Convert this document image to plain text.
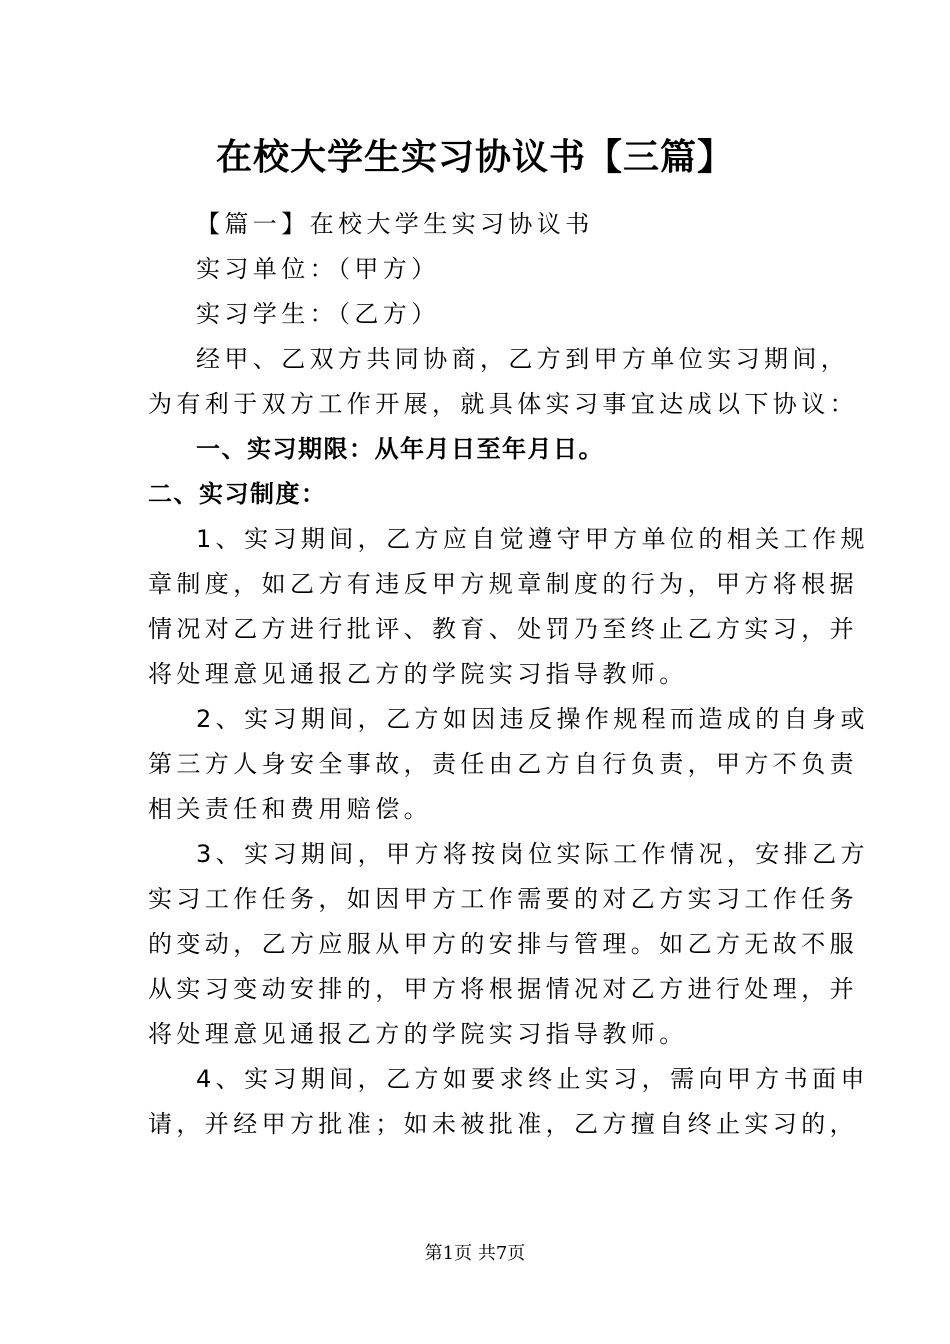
在校大学生实习协议书【三篇】
【篇一】在校大学生实习协议书
实习单位：（甲方）
实习学生：（乙方）
经甲、乙双方共同协商，乙方到甲方单位实习期间，
为有利于双方工作开展，就具体实习事宜达成以下协议：
一、实习期限：从年月日至年月日。
二、实习制度：
1、实习期间，乙方应自觉遵守甲方单位的相关工作规
章制度，如乙方有违反甲方规章制度的行为，甲方将根据
情况对乙方进行批评、教育、处罚乃至终止乙方实习，并
将处理意见通报乙方的学院实习指导教师。
2、实习期间，乙方如因违反操作规程而造成的自身或
第三方人身安全事故，责任由乙方自行负责，甲方不负责
相关责任和费用赔偿。
3、实习期间，甲方将按岗位实际工作情况，安排乙方
实习工作任务，如因甲方工作需要的对乙方实习工作任务
的变动，乙方应服从甲方的安排与管理。如乙方无故不服
从实习变动安排的，甲方将根据情况对乙方进行处理，并
将处理意见通报乙方的学院实习指导教师。
4、实习期间，乙方如要求终止实习，需向甲方书面申
请，并经甲方批准；如未被批准，乙方擅自终止实习的，
第1页 共7页
